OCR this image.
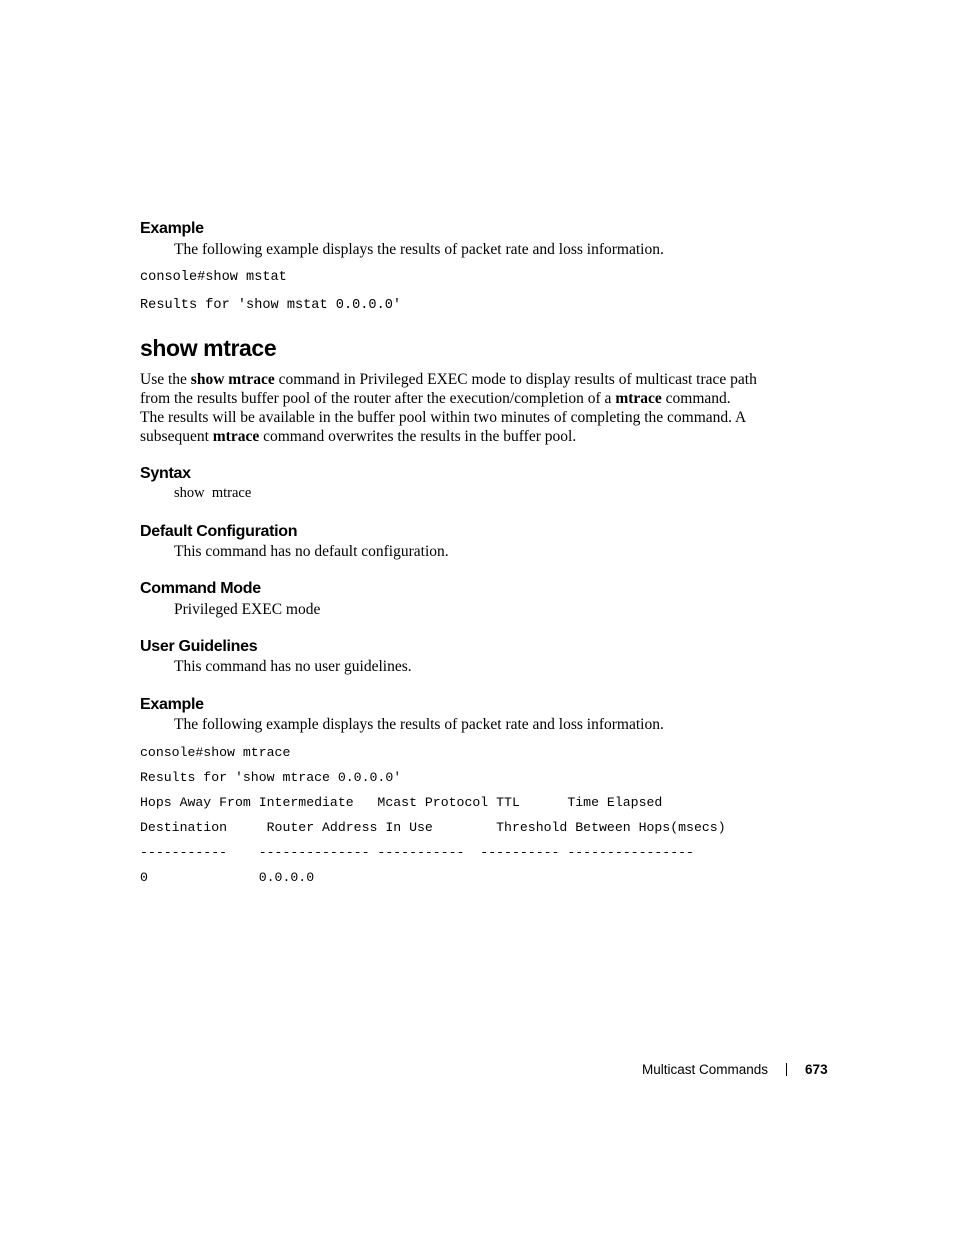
Example

The following example displays the results of packet rate and loss information.

console#show mstat
Results for 'show mstat 0.0.0.0'
show mtrace
Use the show mtrace command in Privileged EXEC mode to display results of multicast trace path
from the results buffer pool of the router after the execution/completion of a mtrace command.
The results will be available in the buffer pool within two minutes of completing the command. A
subsequent mtrace command overwrites the results in the buffer pool.
Syntax

show  mtrace

Default Configuration

This command has no default configuration.

Command Mode

Privileged EXEC mode

User Guidelines

This command has no user guidelines.

Example

The following example displays the results of packet rate and loss information.

console#show mtrace
Results for 'show mtrace 0.0.0.0'
Hops Away From Intermediate   Mcast Protocol TTL      Time Elapsed
Destination     Router Address In Use        Threshold Between Hops(msecs)
-----------    -------------- -----------  ---------- ----------------
0              0.0.0.0
Multicast Commands	673
